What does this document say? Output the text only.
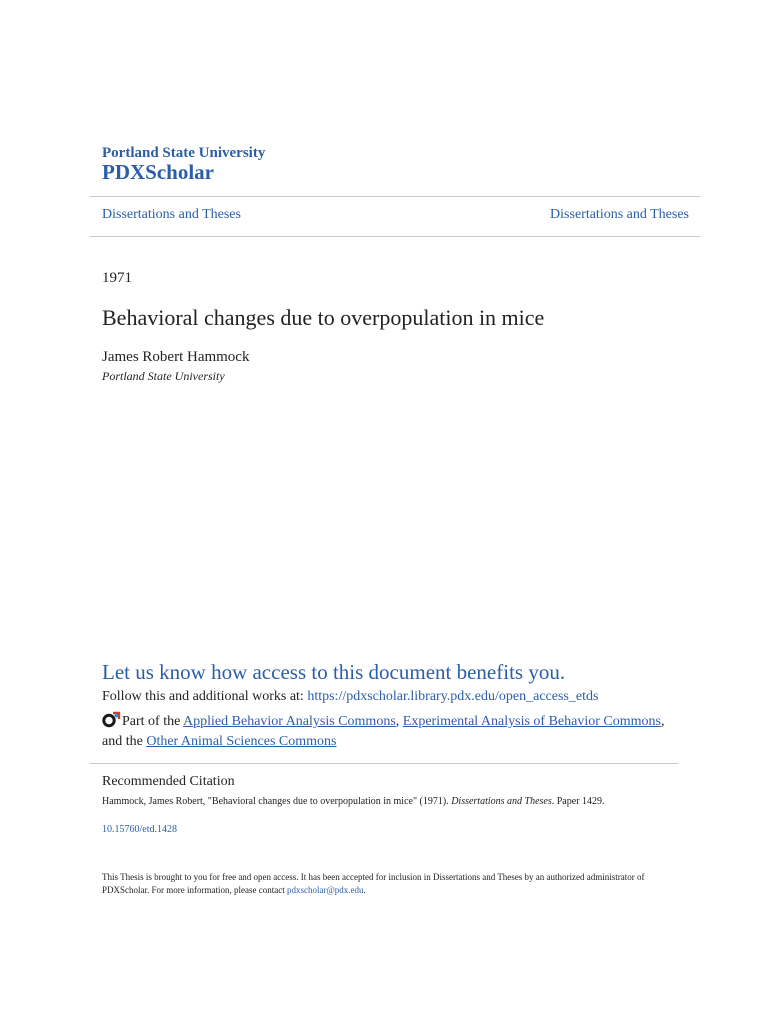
Portland State University
PDXScholar
Dissertations and Theses	Dissertations and Theses
1971
Behavioral changes due to overpopulation in mice
James Robert Hammock
Portland State University
Let us know how access to this document benefits you.
Follow this and additional works at: https://pdxscholar.library.pdx.edu/open_access_etds
Part of the Applied Behavior Analysis Commons, Experimental Analysis of Behavior Commons,
and the Other Animal Sciences Commons
Recommended Citation
Hammock, James Robert, "Behavioral changes due to overpopulation in mice" (1971). Dissertations and Theses. Paper 1429.
10.15760/etd.1428
This Thesis is brought to you for free and open access. It has been accepted for inclusion in Dissertations and Theses by an authorized administrator of PDXScholar. For more information, please contact pdxscholar@pdx.edu.
